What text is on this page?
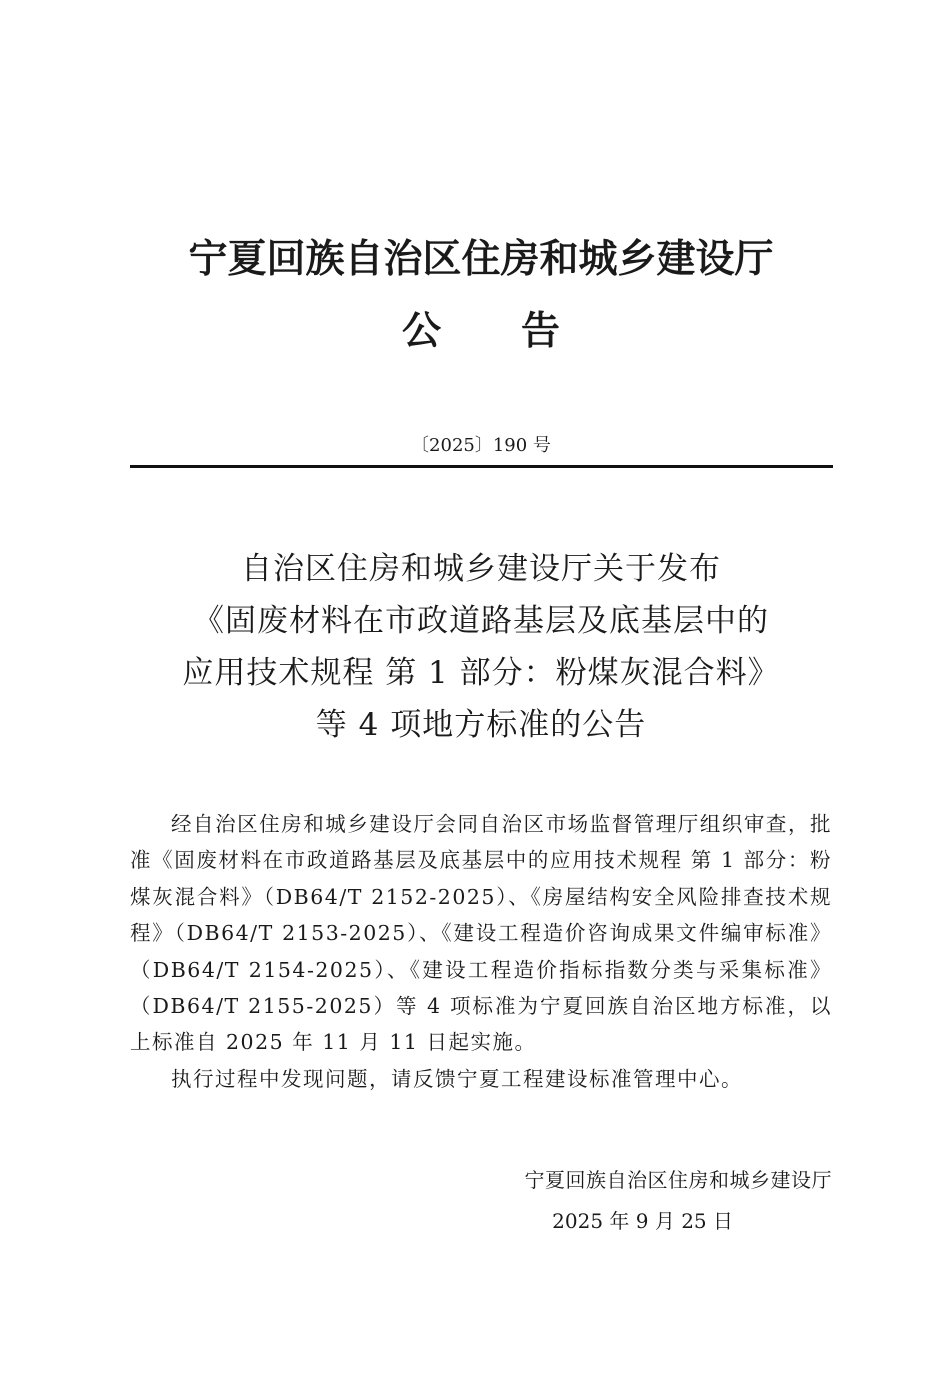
宁夏回族自治区住房和城乡建设厅
公告
〔2025〕190 号
自治区住房和城乡建设厅关于发布
《固废材料在市政道路基层及底基层中的
应用技术规程 第 1 部分：粉煤灰混合料》
等 4 项地方标准的公告

经自治区住房和城乡建设厅会同自治区市场监督管理厅组织审查，批准《固废材料在市政道路基层及底基层中的应用技术规程 第 1 部分：粉煤灰混合料》（DB64/T 2152-2025）、《房屋结构安全风险排查技术规程》（DB64/T 2153-2025）、《建设工程造价咨询成果文件编审标准》（DB64/T 2154-2025）、《建设工程造价指标指数分类与采集标准》（DB64/T 2155-2025）等 4 项标准为宁夏回族自治区地方标准，以上标准自 2025 年 11 月 11 日起实施。

执行过程中发现问题，请反馈宁夏工程建设标准管理中心。

宁夏回族自治区住房和城乡建设厅
2025 年 9 月 25 日
